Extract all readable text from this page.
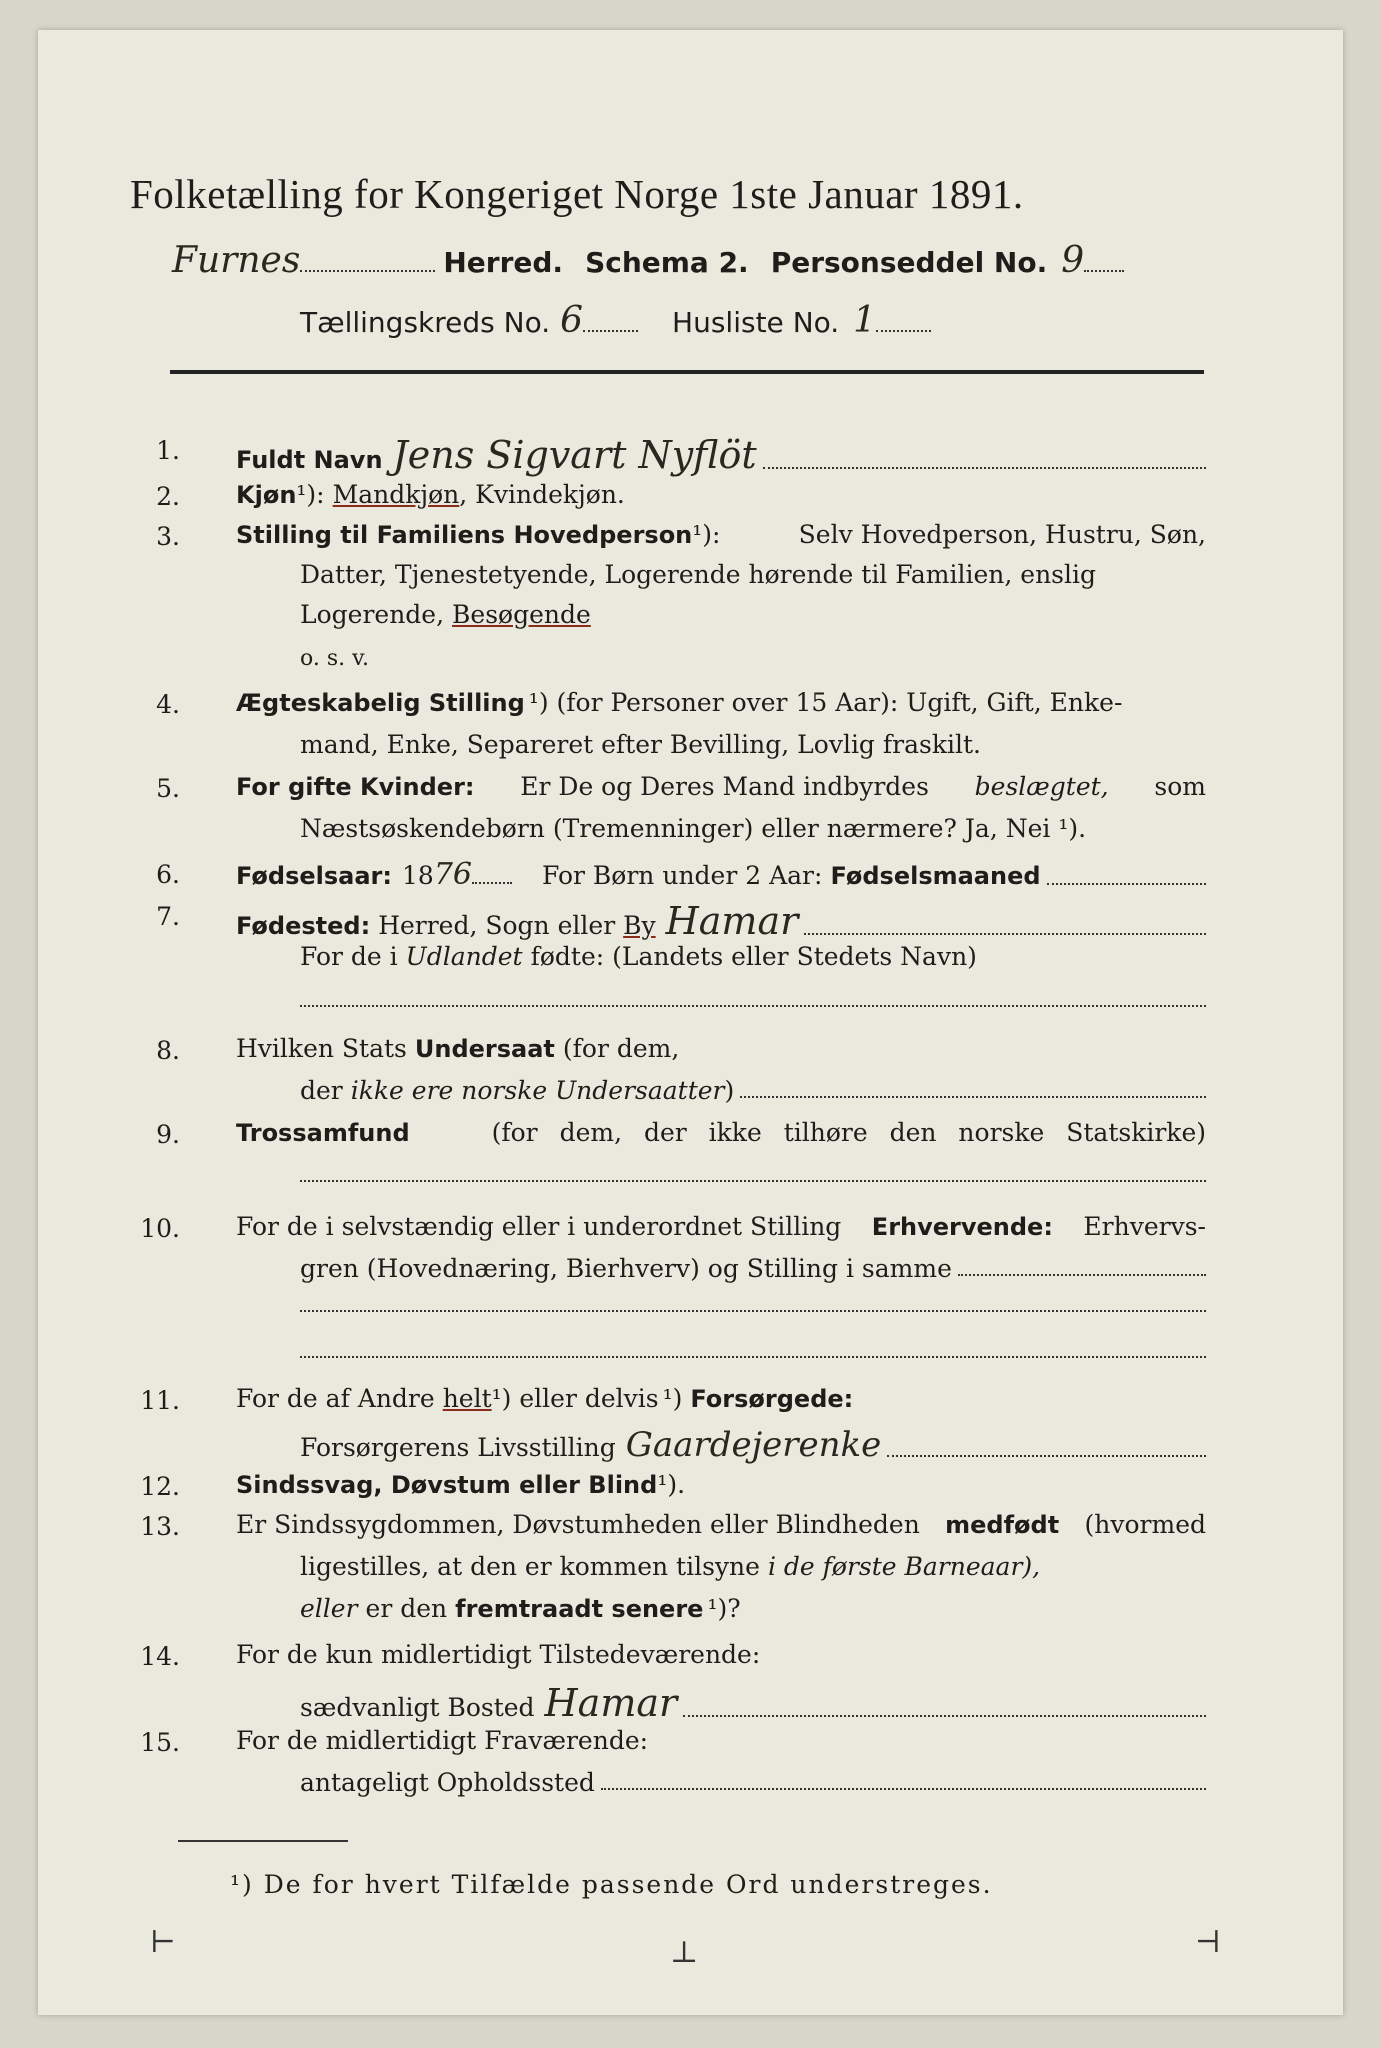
Folketælling for Kongeriget Norge 1ste Januar 1891.
Furnes	Herred. Schema 2. Personseddel No. 9
Tællingskreds No. 6	Husliste No. 1
1. Fuldt Navn Jens Sigvart Nyflöt
2. Kjøn ¹): Mandkjøn , Kvindekjøn.
3. Stilling til Familiens Hovedperson¹):	Selv Hovedperson, Hustru, Søn,
Datter, Tjenestetyende, Logerende hørende til Familien, enslig
Logerende, Besøgende
o. s. v.
4. Ægteskabelig Stilling ¹) (for Personer over 15 Aar): Ugift, Gift, Enke-
mand, Enke, Separeret efter Bevilling, Lovlig fraskilt.
5. For gifte Kvinder: Er De og Deres Mand indbyrdes beslægtet, som
Næstsøskendebørn (Tremenninger) eller nærmere? Ja, Nei ¹).
6. Fødselsaar: 18 76	For Børn under 2 Aar: Fødselsmaaned
7. Fødested: Herred, Sogn eller By Hamar
For de i Udlandet fødte: (Landets eller Stedets Navn)
8. Hvilken Stats Undersaat (for dem,
der ikke ere norske Undersaatter )
9. Trossamfund	(for dem, der ikke tilhøre den norske Statskirke)
10. For de i selvstændig eller i underordnet Stilling Erhvervende: Erhvervs-
gren (Hovednæring, Bierhverv) og Stilling i samme
11. For de af Andre helt ¹) eller delvis ¹) Forsørgede:
Forsørgerens Livsstilling Gaardejerenke
12. Sindssvag, Døvstum eller Blind ¹).
13. Er Sindssygdommen, Døvstumheden eller Blindheden medfødt (hvormed
ligestilles, at den er kommen tilsyne i de første Barneaar),
eller er den fremtraadt senere ¹)?
14. For de kun midlertidigt Tilstedeværende:
sædvanligt Bosted Hamar
15. For de midlertidigt Fraværende:
antageligt Opholdssted
¹) De for hvert Tilfælde passende Ord understreges.
⊢	⊥	⊣
